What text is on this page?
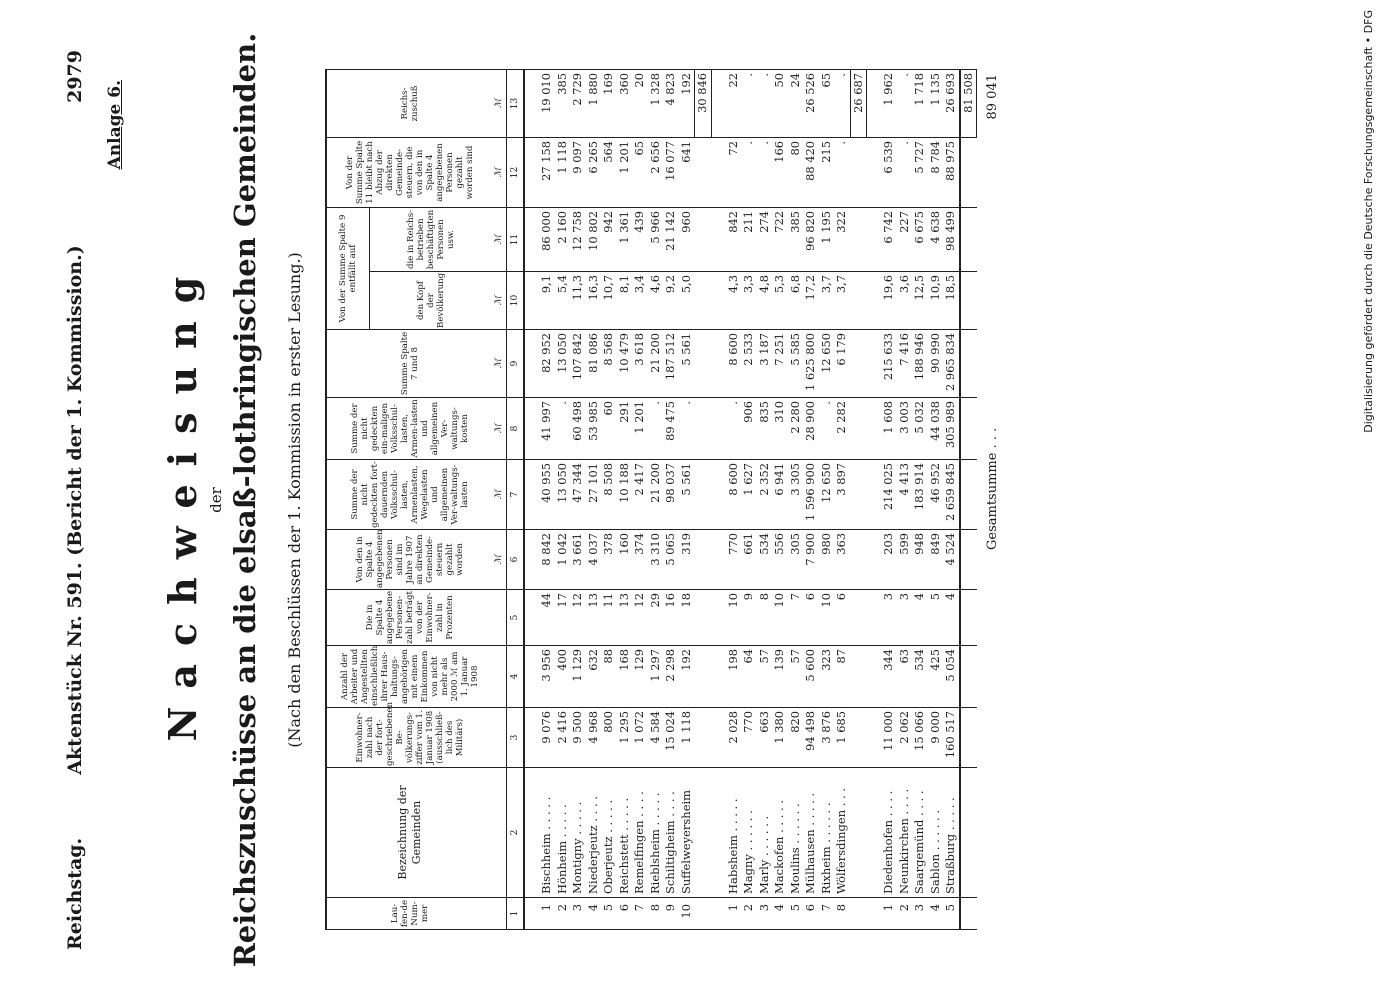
Reichstag.
Aktenstück Nr. 591. (Bericht der 1. Kommission.)
2979
Anlage 6.
Nachweisung der Reichszuschüsse an die elsaß-lothringischen Gemeinden. (Nach den Beschlüssen der 1. Kommission in erster Lesung.)
Lau-fen-de Num-mer	Bezeichnung der Gemeinden	Einwohner-zahl nach der fort-geschriebenen Be-völkerungs-ziffer vom 1. Januar 1908 (ausschließ-lich des Militärs)	Anzahl der Arbeiter und Angestellten einschließlich ihrer Haus-haltungs-angehörigen mit einem Einkommen von nicht mehr als 2000 ℳ am 1. Januar 1908	Die in Spalte 4 angegebene Personen-zahl beträgt von der Einwohner-zahl in Prozenten	Von den in Spalte 4 angegebenen Personen sind im Jahre 1907 an direkten Gemeinde-steuern gezahlt worden	Summe der nicht gedeckten fort-dauernden Volksschul-lasten, Armenlasten, Wegelasten und allgemeinen Ver-waltungs-lasten	Summe der nicht gedeckten ein-maligen Volksschul-lasten, Armen-lasten und allgemeinen Ver-waltungs-kosten	Summe Spalte 7 und 8	Von der Summe Spalte 9 entfällt auf		Von der Summe Spalte 11 bleibt nach Abzug der direkten Gemeinde-steuern, die von den in Spalte 4 angegebenen Personen gezahlt worden sind	Reichs-zuschuß
									den Kopf der Bevölkerung	die in Reichs-betrieben beschäftigten Personen usw.		
					ℳ	ℳ	ℳ	ℳ	ℳ	ℳ	ℳ	ℳ
1	2	3	4	5	6	7	8	9	10	11	12	13

1	Bischheim . . . . .	9 076	3 956	44	8 842	40 955	41 997	82 952	9,1	86 000	27 158	19 010
2	Hönheim . . . . .	2 416	400	17	1 042	13 050	.	13 050	5,4	2 160	1 118	385
3	Montigny . . . . .	9 500	1 129	12	3 661	47 344	60 498	107 842	11,3	12 758	9 097	2 729
4	Niederjeutz . . . .	4 968	632	13	4 037	27 101	53 985	81 086	16,3	10 802	6 265	1 880
5	Oberjeutz . . . . .	800	88	11	378	8 508	60	8 568	10,7	942	564	169
6	Reichstett . . . . .	1 295	168	13	160	10 188	291	10 479	8,1	1 361	1 201	360
7	Remelfingen . . . .	1 072	129	12	374	2 417	1 201	3 618	3,4	439	65	20
8	Rieblsheim . . . . .	4 584	1 297	29	3 310	21 200	.	21 200	4,6	5 966	2 656	1 328
9	Schiltigheim . . . .	15 024	2 298	16	5 065	98 037	89 475	187 512	9,2	21 142	16 077	4 823
10	Suffelweyersheim	1 118	192	18	319	5 561	.	5 561	5,0	960	641	192
												30 846

1	Habsheim . . . . .	2 028	198	10	770	8 600	.	8 600	4,3	842	72	22
2	Magny . . . . . .	770	64	9	661	1 627	906	2 533	3,3	211	.	.
3	Marly . . . . . .	663	57	8	534	2 352	835	3 187	4,8	274	.	.
4	Mackofen . . . . .	1 380	139	10	556	6 941	310	7 251	5,3	722	166	50
5	Moulins . . . . . .	820	57	7	305	3 305	2 280	5 585	6,8	385	80	24
6	Mülhausen . . . . .	94 498	5 600	6	7 900	1 596 900	28 900	1 625 800	17,2	96 820	88 420	26 526
7	Rixheim . . . . . .	3 876	323	10	980	12 650	.	12 650	3,7	1 195	215	65
8	Wölfersdingen . . .	1 685	87	6	363	3 897	2 282	6 179	3,7	322	.	.
												26 687

1	Diedenhofen . . . .	11 000	344	3	203	214 025	1 608	215 633	19,6	6 742	6 539	1 962
2	Neunkirchen . . . .	2 062	63	3	599	4 413	3 003	7 416	3,6	227	.	.
3	Saargemünd . . . .	15 066	534	4	948	183 914	5 032	188 946	12,5	6 675	5 727	1 718
4	Sablon . . . . . .	9 000	425	5	849	46 952	44 038	90 990	10,9	4 638	8 784	1 135
5	Straßburg . . . . .	160 517	5 054	4	4 524	2 659 845	305 989	2 965 834	18,5	98 499	88 975	26 693
												81 508
Gesamtsumme . . .
89 041	Digitalisierung gefördert durch die Deutsche Forschungsgemeinschaft • DFG
